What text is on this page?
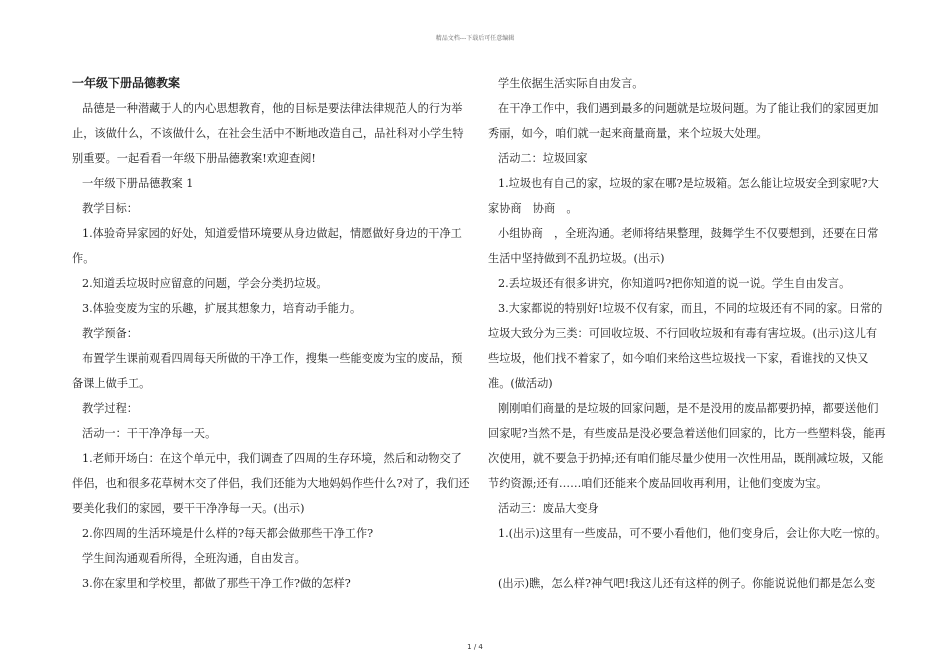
精品文档---下载后可任意编辑

一年级下册品德教案

品德是一种潜藏于人的内心思想教育，他的目标是要法律法律规范人的行为举止，该做什么，不该做什么，在社会生活中不断地改造自己，品社科对小学生特别重要。一起看看一年级下册品德教案!欢迎查阅!

一年级下册品德教案 1

教学目标：

1.体验奇异家园的好处，知道爱惜环境要从身边做起，情愿做好身边的干净工作。

2.知道丢垃圾时应留意的问题，学会分类扔垃圾。

3.体验变废为宝的乐趣，扩展其想象力，培育动手能力。

教学预备：

布置学生课前观看四周每天所做的干净工作，搜集一些能变废为宝的废品，预备课上做手工。

教学过程：

活动一：干干净净每一天。

1.老师开场白：在这个单元中，我们调查了四周的生存环境，然后和动物交了伴侣，也和很多花草树木交了伴侣，我们还能为大地妈妈作些什么?对了，我们还要美化我们的家园，要干干净净每一天。(出示)

2.你四周的生活环境是什么样的?每天都会做那些干净工作?

学生间沟通观看所得，全班沟通，自由发言。

3.你在家里和学校里，都做了那些干净工作?做的怎样?

学生依据生活实际自由发言。

在干净工作中，我们遇到最多的问题就是垃圾问题。为了能让我们的家园更加秀丽，如今，咱们就一起来商量商量，来个垃圾大处理。

活动二：垃圾回家

1.垃圾也有自己的家，垃圾的家在哪?是垃圾箱。怎么能让垃圾安全到家呢?大家协商　协商　。

小组协商　，全班沟通。老师将结果整理，鼓舞学生不仅要想到，还要在日常生活中坚持做到不乱扔垃圾。(出示)

2.丢垃圾还有很多讲究，你知道吗?把你知道的说一说。学生自由发言。

3.大家都说的特别好!垃圾不仅有家，而且，不同的垃圾还有不同的家。日常的垃圾大致分为三类：可回收垃圾、不行回收垃圾和有毒有害垃圾。(出示)这儿有些垃圾，他们找不着家了，如今咱们来给这些垃圾找一下家，看谁找的又快又准。(做活动)

刚刚咱们商量的是垃圾的回家问题，是不是没用的废品都要扔掉，都要送他们回家呢?当然不是，有些废品是没必要急着送他们回家的，比方一些塑料袋，能再次使用，就不要急于扔掉;还有咱们能尽量少使用一次性用品，既削减垃圾，又能节约资源;还有……咱们还能来个废品回收再利用，让他们变废为宝。

活动三：废品大变身

1.(出示)这里有一些废品，可不要小看他们，他们变身后，会让你大吃一惊的。

(出示)瞧，怎么样?神气吧!我这儿还有这样的例子。你能说说他们都是怎么变

1 / 4
